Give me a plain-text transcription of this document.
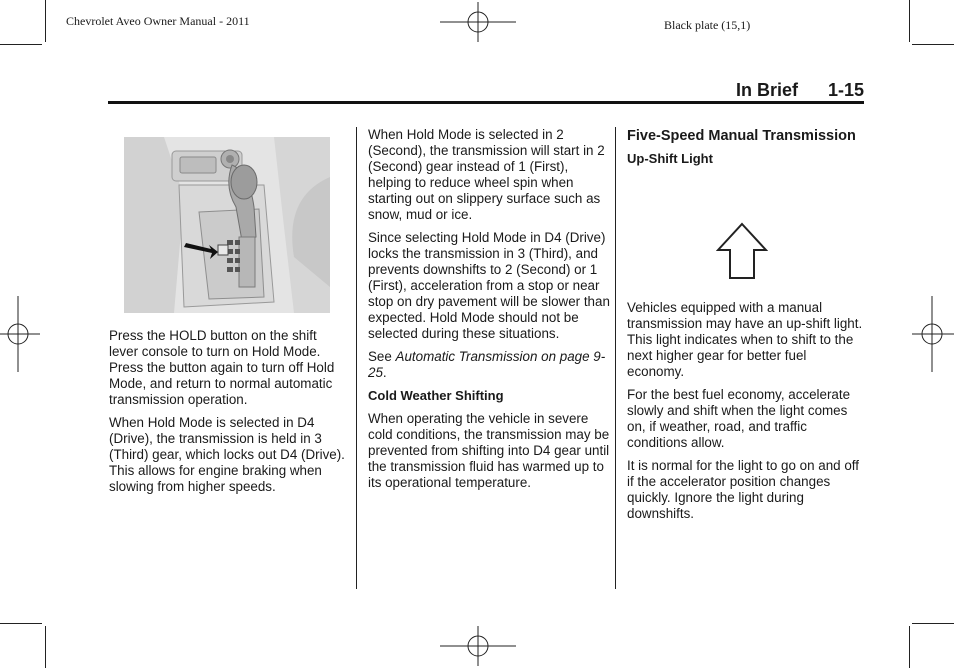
Chevrolet Aveo Owner Manual - 2011	Black plate (15,1)
In Brief 1-15

Press the HOLD button on the shift lever console to turn on Hold Mode. Press the button again to turn off Hold Mode, and return to normal automatic transmission operation.

When Hold Mode is selected in D4 (Drive), the transmission is held in 3 (Third) gear, which locks out D4 (Drive). This allows for engine braking when slowing from higher speeds.

When Hold Mode is selected in 2 (Second), the transmission will start in 2 (Second) gear instead of 1 (First), helping to reduce wheel spin when starting out on slippery surface such as snow, mud or ice.

Since selecting Hold Mode in D4 (Drive) locks the transmission in 3 (Third), and prevents downshifts to 2 (Second) or 1 (First), acceleration from a stop or near stop on dry pavement will be slower than expected. Hold Mode should not be selected during these situations.

See Automatic Transmission on page 9-25.

Cold Weather Shifting

When operating the vehicle in severe cold conditions, the transmission may be prevented from shifting into D4 gear until the transmission fluid has warmed up to its operational temperature.

Five-Speed Manual Transmission
Up-Shift Light

Vehicles equipped with a manual transmission may have an up-shift light. This light indicates when to shift to the next higher gear for better fuel economy.

For the best fuel economy, accelerate slowly and shift when the light comes on, if weather, road, and traffic conditions allow.

It is normal for the light to go on and off if the accelerator position changes quickly. Ignore the light during downshifts.
